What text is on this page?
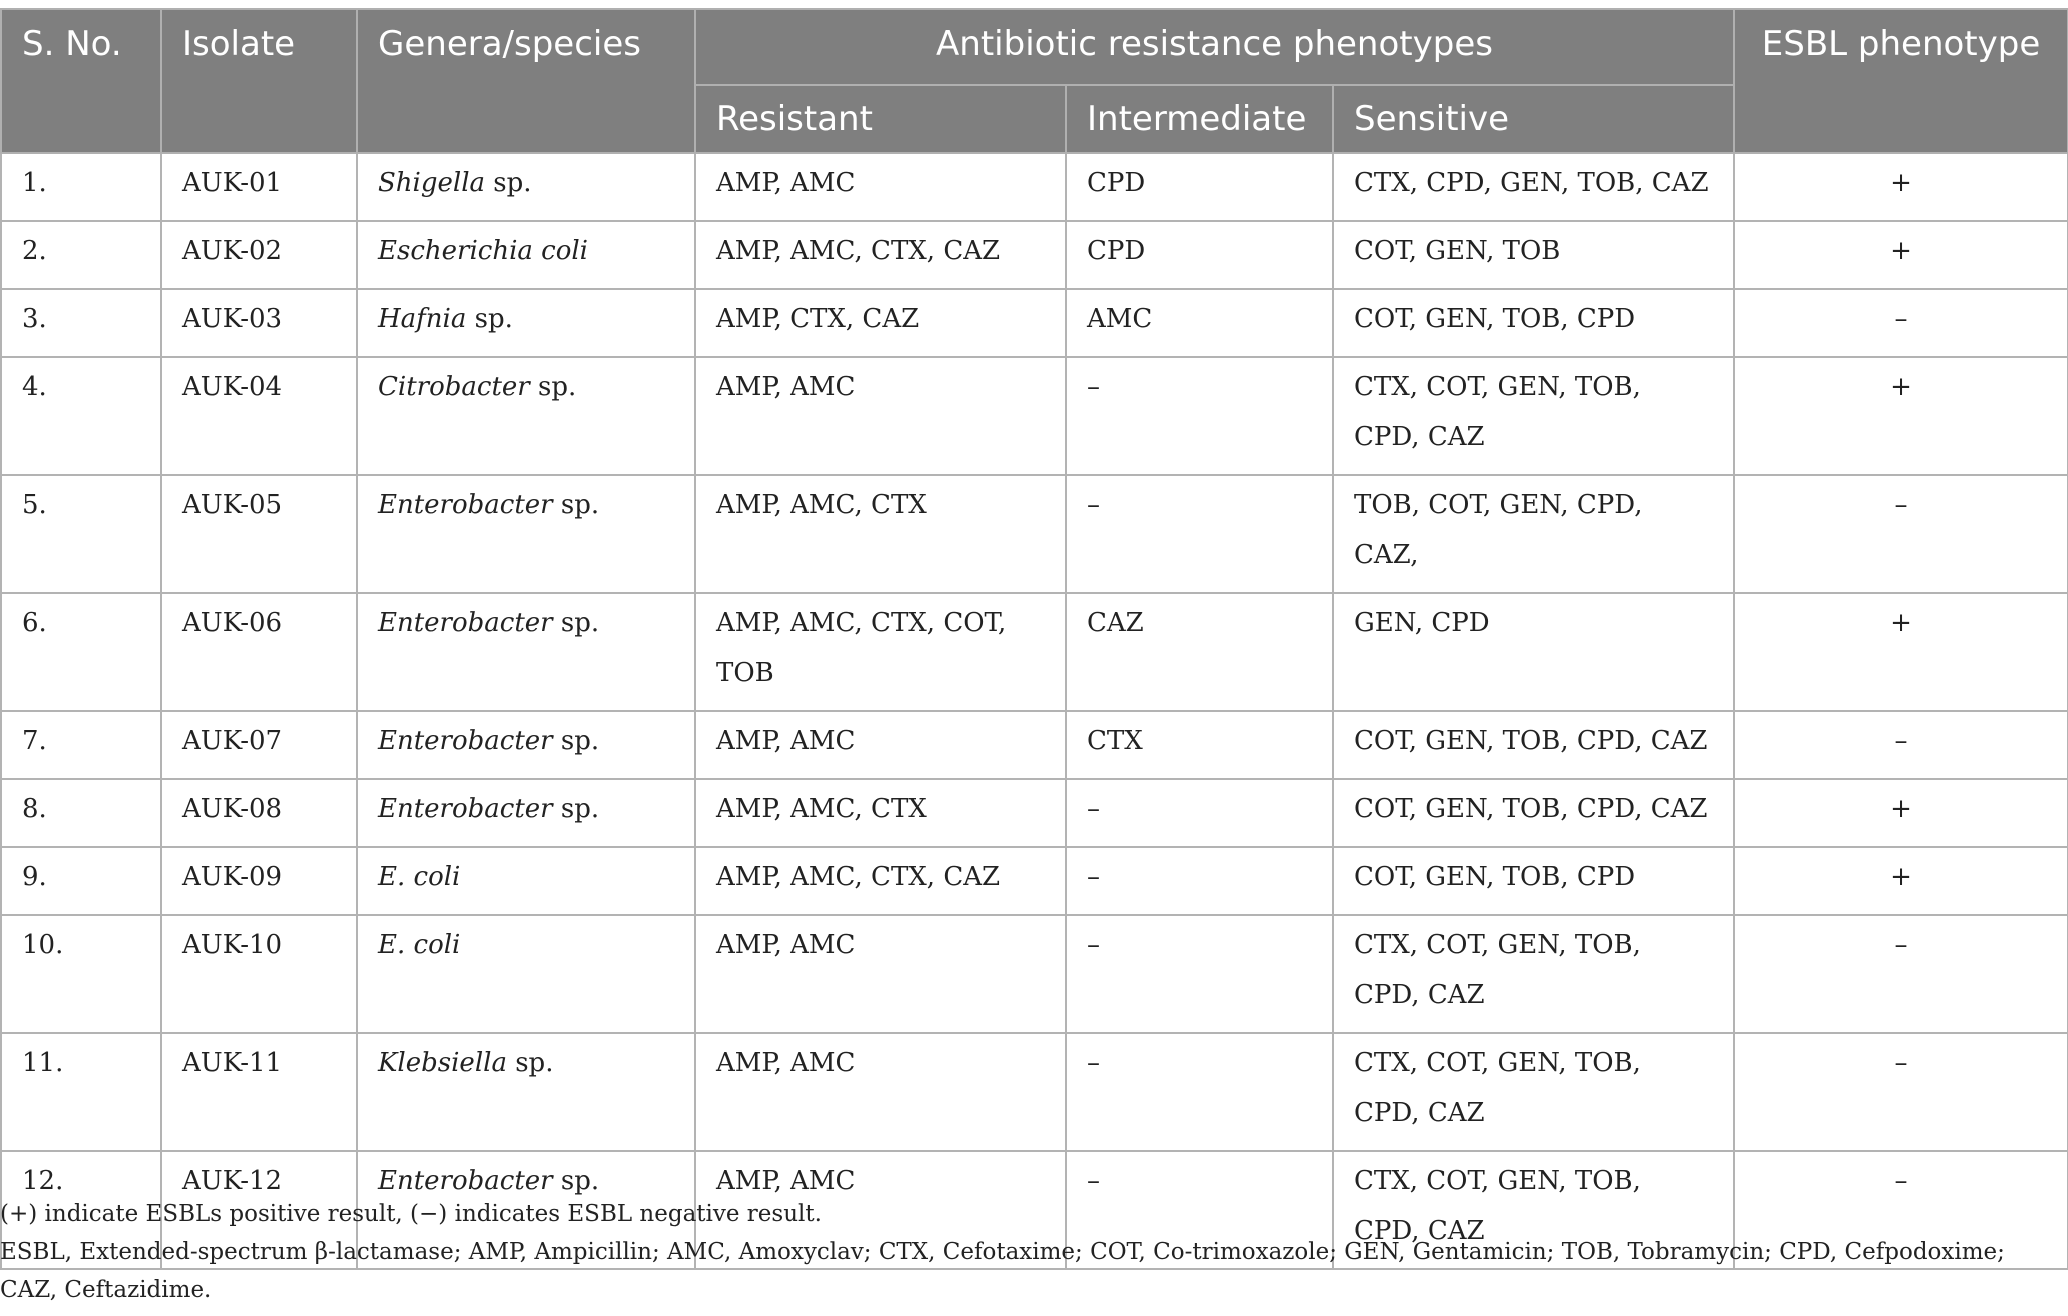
S. No.	Isolate	Genera/species	Antibiotic resistance phenotypes			ESBL phenotype
			Resistant	Intermediate	Sensitive	

1.	AUK-01	Shigella sp.	AMP, AMC	CPD	CTX, CPD, GEN, TOB, CAZ	+

2.	AUK-02	Escherichia coli	AMP, AMC, CTX, CAZ	CPD	COT, GEN, TOB	+

3.	AUK-03	Hafnia sp.	AMP, CTX, CAZ	AMC	COT, GEN, TOB, CPD	–

4.	AUK-04	Citrobacter sp.	AMP, AMC	–	CTX, COT, GEN, TOB, CPD, CAZ	+

5.	AUK-05	Enterobacter sp.	AMP, AMC, CTX	–	TOB, COT, GEN, CPD, CAZ,	–

6.	AUK-06	Enterobacter sp.	AMP, AMC, CTX, COT, TOB	CAZ	GEN, CPD	+

7.	AUK-07	Enterobacter sp.	AMP, AMC	CTX	COT, GEN, TOB, CPD, CAZ	–

8.	AUK-08	Enterobacter sp.	AMP, AMC, CTX	–	COT, GEN, TOB, CPD, CAZ	+

9.	AUK-09	E. coli	AMP, AMC, CTX, CAZ	–	COT, GEN, TOB, CPD	+

10.	AUK-10	E. coli	AMP, AMC	–	CTX, COT, GEN, TOB, CPD, CAZ	–

11.	AUK-11	Klebsiella sp.	AMP, AMC	–	CTX, COT, GEN, TOB, CPD, CAZ	–

12.	AUK-12	Enterobacter sp.	AMP, AMC	–	CTX, COT, GEN, TOB, CPD, CAZ	–
(+) indicate ESBLs positive result, (−) indicates ESBL negative result.
ESBL, Extended-spectrum β-lactamase; AMP, Ampicillin; AMC, Amoxyclav; CTX, Cefotaxime; COT, Co-trimoxazole; GEN, Gentamicin; TOB, Tobramycin; CPD, Cefpodoxime; CAZ, Ceftazidime.
